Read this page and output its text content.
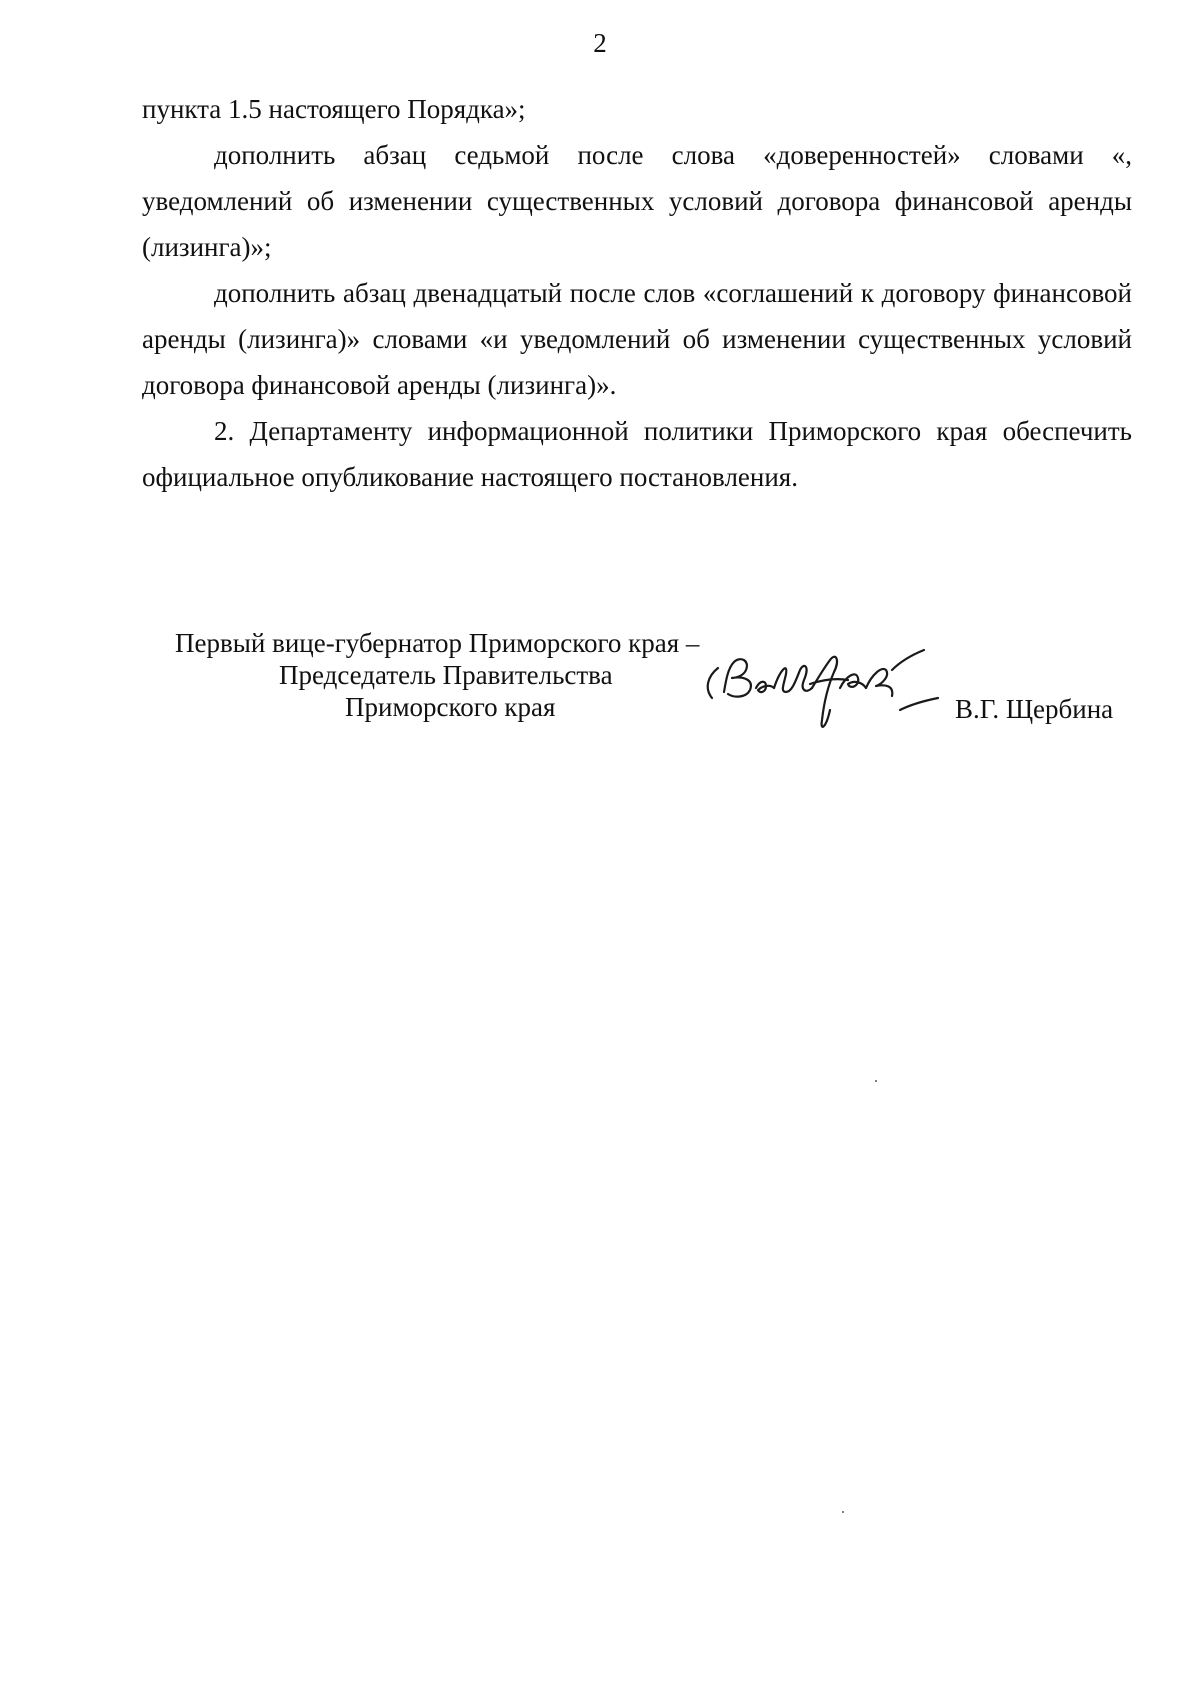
2

пункта 1.5 настоящего Порядка»;

дополнить абзац седьмой после слова «доверенностей» словами «, уведомлений об изменении существенных условий договора финансовой аренды (лизинга)»;

дополнить абзац двенадцатый после слов «соглашений к договору финансовой аренды (лизинга)» словами «и уведомлений об изменении существенных условий договора финансовой аренды (лизинга)».

2. Департаменту информационной политики Приморского края обеспечить официальное опубликование настоящего постановления.

Первый вице-губернатор Приморского края –
Председатель Правительства
Приморского края	В.Г. Щербина
